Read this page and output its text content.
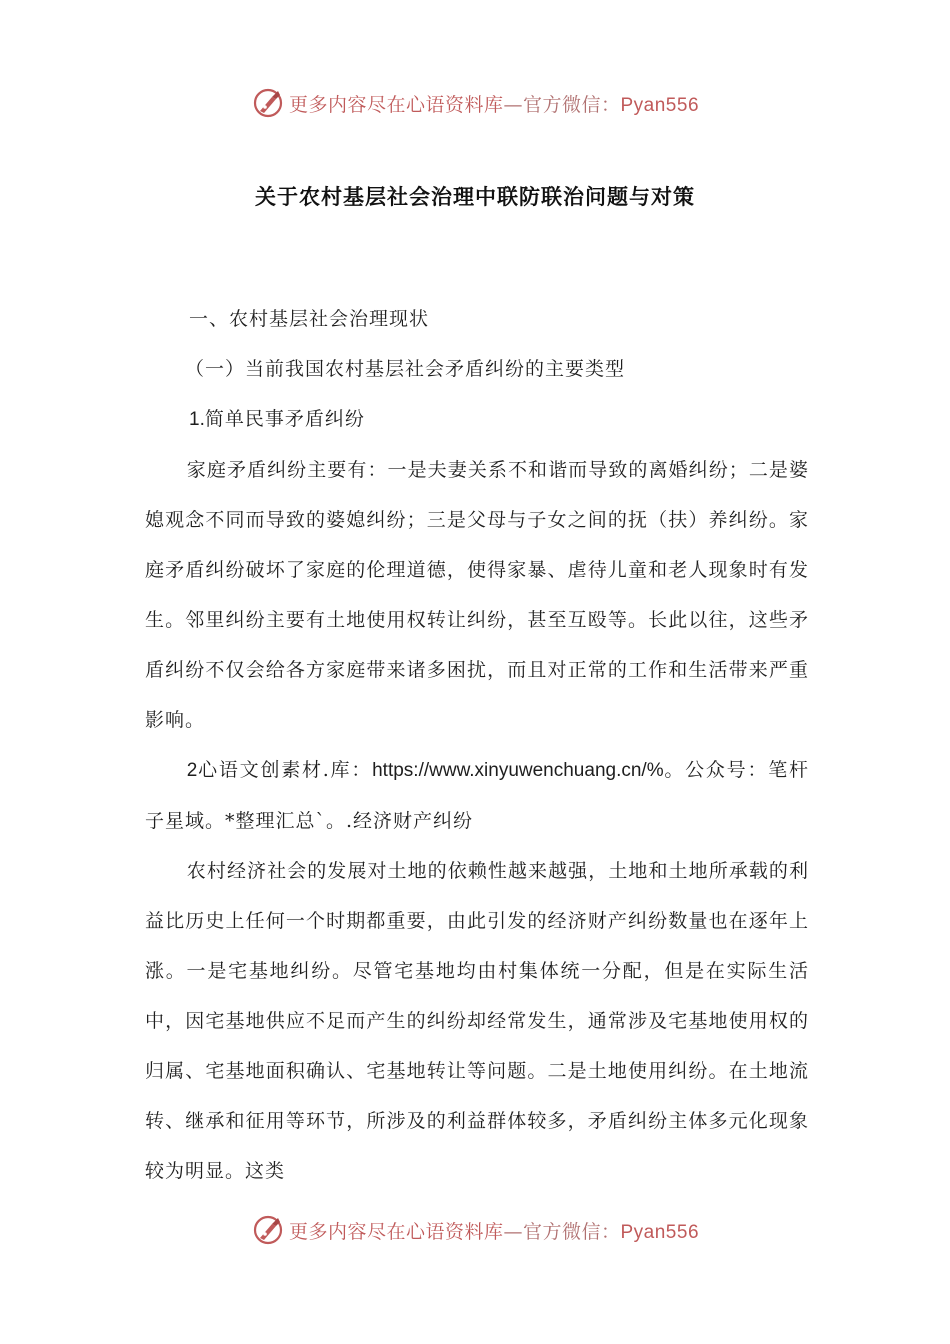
更多内容尽在心语资料库—官方微信：Pyan556
关于农村基层社会治理中联防联治问题与对策

一、农村基层社会治理现状

（一）当前我国农村基层社会矛盾纠纷的主要类型

1.简单民事矛盾纠纷

家庭矛盾纠纷主要有：一是夫妻关系不和谐而导致的离婚纠纷；二是婆媳观念不同而导致的婆媳纠纷；三是父母与子女之间的抚（扶）养纠纷。家庭矛盾纠纷破坏了家庭的伦理道德，使得家暴、虐待儿童和老人现象时有发生。邻里纠纷主要有土地使用权转让纠纷，甚至互殴等。长此以往，这些矛盾纠纷不仅会给各方家庭带来诸多困扰，而且对正常的工作和生活带来严重影响。

2心语文创素材.库：https://www.xinyuwenchuang.cn/%。公众号：笔杆子星域。*整理汇总`。.经济财产纠纷

农村经济社会的发展对土地的依赖性越来越强，土地和土地所承载的利益比历史上任何一个时期都重要，由此引发的经济财产纠纷数量也在逐年上涨。一是宅基地纠纷。尽管宅基地均由村集体统一分配，但是在实际生活中，因宅基地供应不足而产生的纠纷却经常发生，通常涉及宅基地使用权的归属、宅基地面积确认、宅基地转让等问题。二是土地使用纠纷。在土地流转、继承和征用等环节，所涉及的利益群体较多，矛盾纠纷主体多元化现象较为明显。这类

更多内容尽在心语资料库—官方微信：Pyan556
